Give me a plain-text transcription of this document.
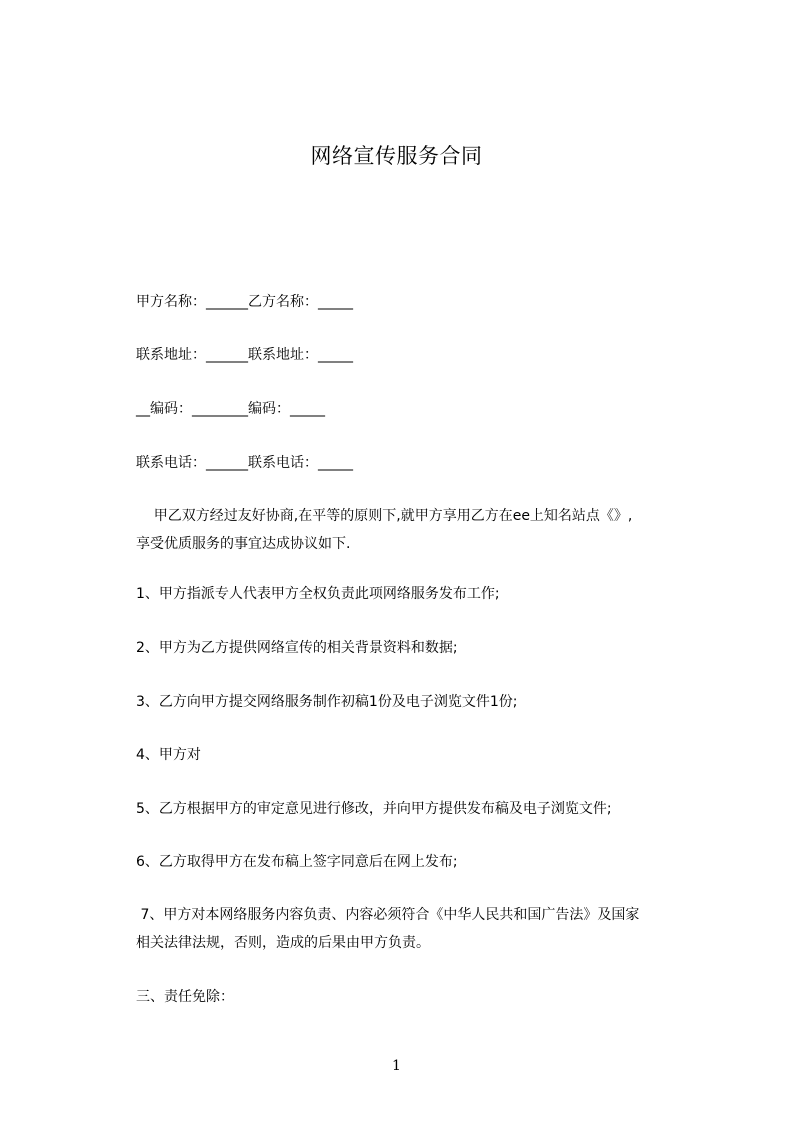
网络宣传服务合同
甲方名称：______乙方名称：_____
联系地址：______联系地址：_____
__编码：________编码：_____
联系电话：______联系电话：_____
甲乙双方经过友好协商,在平等的原则下,就甲方享用乙方在ee上知名站点《》,
享受优质服务的事宜达成协议如下.
1、甲方指派专人代表甲方全权负责此项网络服务发布工作;
2、甲方为乙方提供网络宣传的相关背景资料和数据;
3、乙方向甲方提交网络服务制作初稿1份及电子浏览文件1份;
4、甲方对
5、乙方根据甲方的审定意见进行修改，并向甲方提供发布稿及电子浏览文件;
6、乙方取得甲方在发布稿上签字同意后在网上发布;
7、甲方对本网络服务内容负责、内容必须符合《中华人民共和国广告法》及国家
相关法律法规，否则，造成的后果由甲方负责。
三、责任免除：
1
